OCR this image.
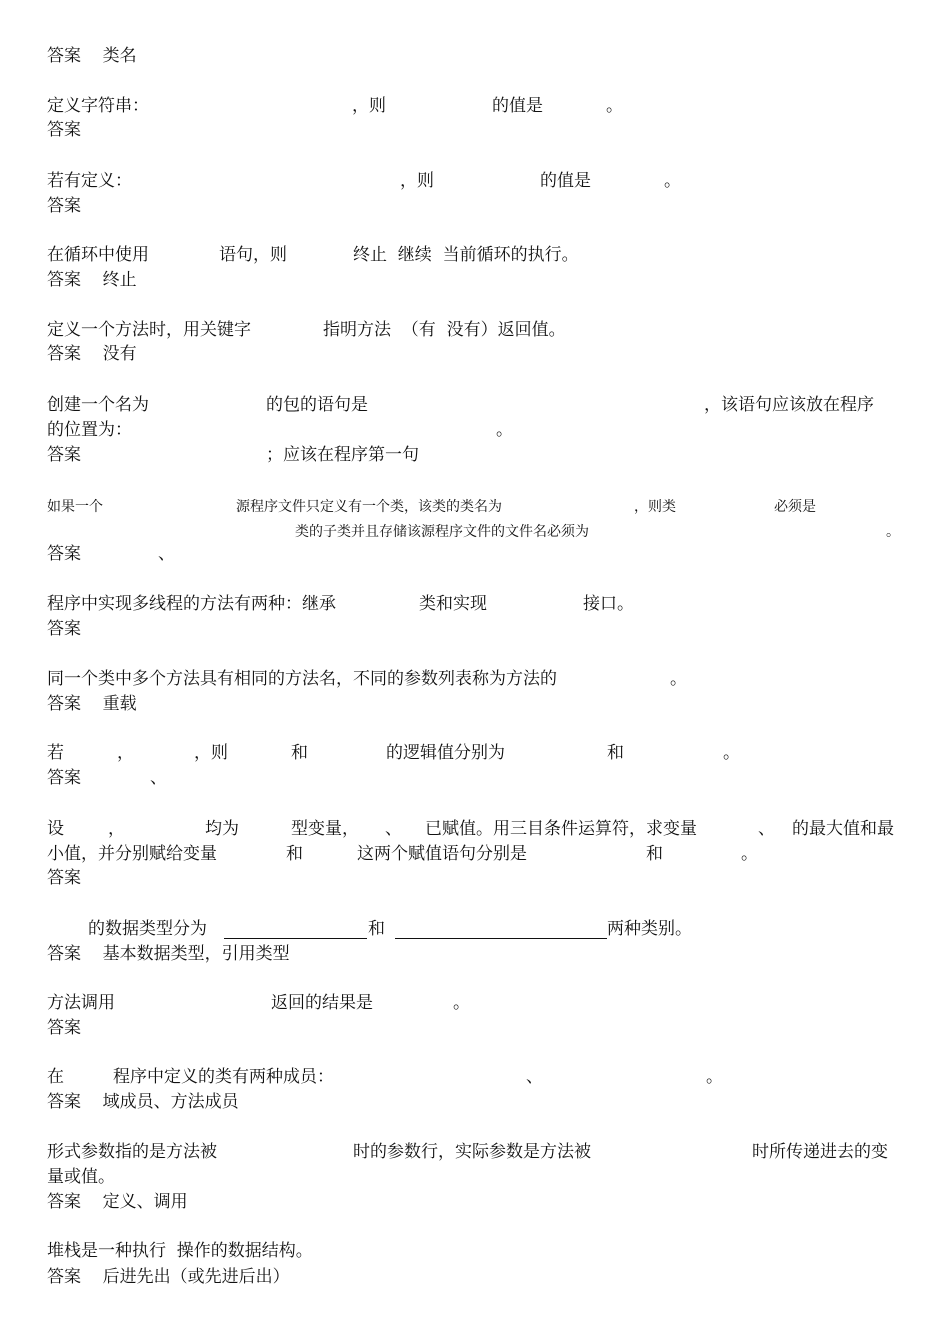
答案    类名
定义字符串：	，则	的值是	。
答案
若有定义：	，则	的值是	。
答案
在循环中使用	语句，则	终止  继续  当前循环的执行。
答案    终止
定义一个方法时，用关键字	指明方法  （有  没有）返回值。
答案    没有
创建一个名为	的包的语句是	，该语句应该放在程序
的位置为：	。
答案	；应该在程序第一句
如果一个	源程序文件只定义有一个类，该类的类名为	，则类	必须是
类的子类并且存储该源程序文件的文件名必须为	。
答案	、
程序中实现多线程的方法有两种：继承	类和实现	接口。
答案
同一个类中多个方法具有相同的方法名，不同的参数列表称为方法的	。
答案    重载
若	，	，则	和	的逻辑值分别为	和	。
答案	、
设	，	均为	型变量， 、 已赋值。用三目条件运算符，求变量	、 的最大值和最
小值，并分别赋给变量	和	这两个赋值语句分别是	和	。
答案
的数据类型分为	和	两种类别。
答案    基本数据类型，引用类型
方法调用	返回的结果是	。
答案
在	程序中定义的类有两种成员：	、	。
答案    域成员、方法成员
形式参数指的是方法被	时的参数行，实际参数是方法被	时所传递进去的变
量或值。
答案    定义、调用
堆栈是一种执行  操作的数据结构。
答案    后进先出（或先进后出）
